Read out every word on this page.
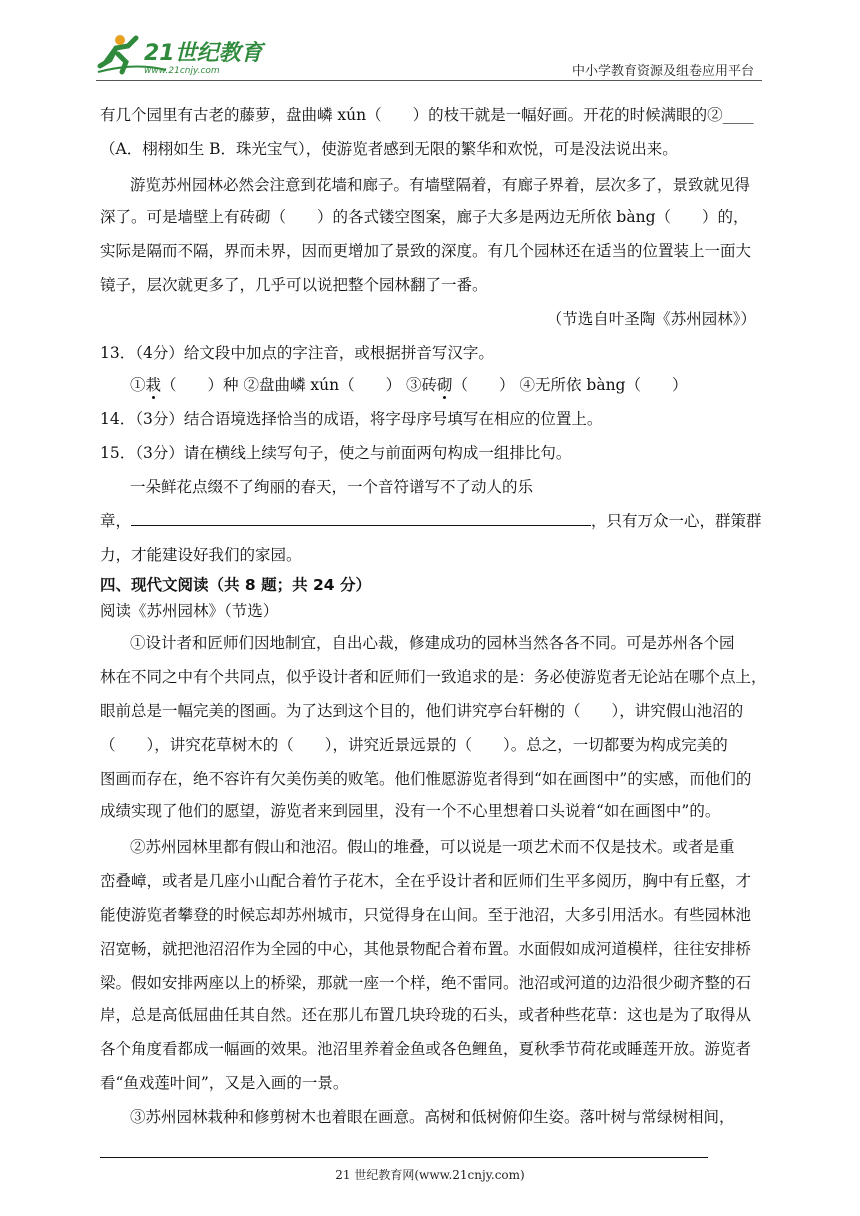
21世纪教育
www.21cnjy.com	中小学教育资源及组卷应用平台
有几个园里有古老的藤萝，盘曲嶙 xún（　　）的枝干就是一幅好画。开花的时候满眼的②____
（A．栩栩如生 B．珠光宝气），使游览者感到无限的繁华和欢悦，可是没法说出来。
游览苏州园林必然会注意到花墙和廊子。有墙壁隔着，有廊子界着，层次多了，景致就见得
深了。可是墙壁上有砖砌（　　）的各式镂空图案，廊子大多是两边无所依 bàng（　　）的，
实际是隔而不隔，界而未界，因而更增加了景致的深度。有几个园林还在适当的位置装上一面大
镜子，层次就更多了，几乎可以说把整个园林翻了一番。
（节选自叶圣陶《苏州园林》）
13．（4分）给文段中加点的字注音，或根据拼音写汉字。
①栽（　　）种 ②盘曲嶙 xún（　　） ③砖砌（　　） ④无所依 bàng（　　）
14．（3分）结合语境选择恰当的成语，将字母序号填写在相应的位置上。
15．（3分）请在横线上续写句子，使之与前面两句构成一组排比句。
一朵鲜花点缀不了绚丽的春天，一个音符谱写不了动人的乐
章，	，只有万众一心，群策群
力，才能建设好我们的家园。
四、现代文阅读（共 8 题；共 24 分）
阅读《苏州园林》（节选）
①设计者和匠师们因地制宜，自出心裁，修建成功的园林当然各各不同。可是苏州各个园
林在不同之中有个共同点，似乎设计者和匠师们一致追求的是：务必使游览者无论站在哪个点上，
眼前总是一幅完美的图画。为了达到这个目的，他们讲究亭台轩榭的（　　），讲究假山池沼的
（　　），讲究花草树木的（　　），讲究近景远景的（　　）。总之，一切都要为构成完美的
图画而存在，绝不容许有欠美伤美的败笔。他们惟愿游览者得到“如在画图中”的实感，而他们的
成绩实现了他们的愿望，游览者来到园里，没有一个不心里想着口头说着“如在画图中”的。
②苏州园林里都有假山和池沼。假山的堆叠，可以说是一项艺术而不仅是技术。或者是重
峦叠嶂，或者是几座小山配合着竹子花木，全在乎设计者和匠师们生平多阅历，胸中有丘壑，才
能使游览者攀登的时候忘却苏州城市，只觉得身在山间。至于池沼，大多引用活水。有些园林池
沼宽畅，就把池沼沼作为全园的中心，其他景物配合着布置。水面假如成河道模样，往往安排桥
梁。假如安排两座以上的桥梁，那就一座一个样，绝不雷同。池沼或河道的边沿很少砌齐整的石
岸，总是高低屈曲任其自然。还在那儿布置几块玲珑的石头，或者种些花草：这也是为了取得从
各个角度看都成一幅画的效果。池沼里养着金鱼或各色鲤鱼，夏秋季节荷花或睡莲开放。游览者
看“鱼戏莲叶间”，又是入画的一景。
③苏州园林栽种和修剪树木也着眼在画意。高树和低树俯仰生姿。落叶树与常绿树相间，
21 世纪教育网(www.21cnjy.com)
